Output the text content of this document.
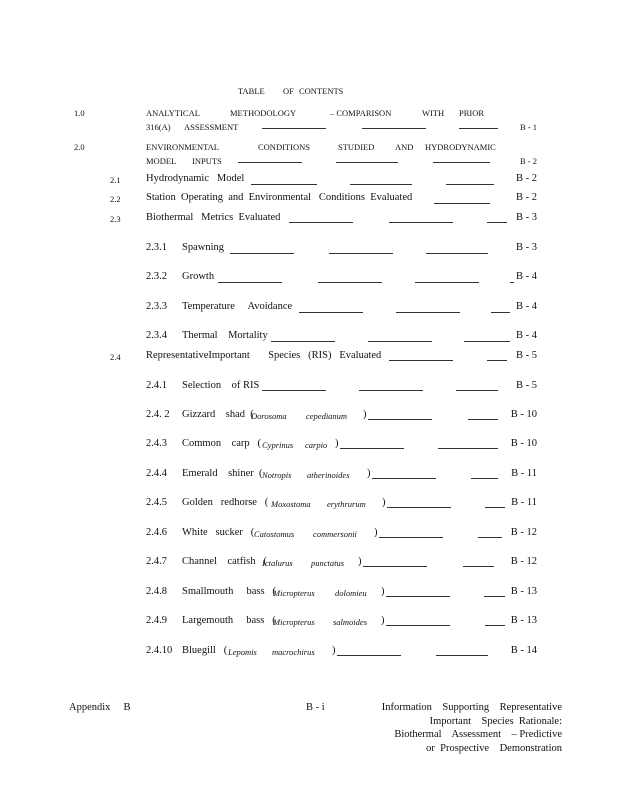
TABLE OF CONTENTS
1.0	ANALYTICAL	METHODOLOGY	– COMPARISON	WITH PRIOR
316(A) ASSESSMENT	B - 1
2.0	ENVIRONMENTAL	CONDITIONS	STUDIED AND HYDRODYNAMIC
MODEL INPUTS	B - 2
2.1 Hydrodynamic   Model	B - 2
2.2 Station  Operating  and  Environmental   Conditions  Evaluated	B - 2
2.3 Biothermal   Metrics  Evaluated	B - 3
2.3.1 Spawning	B - 3
2.3.2 Growth	B - 4
2.3.3 Temperature     Avoidance	B - 4
2.3.4 Thermal    Mortality	B - 4
2.4 RepresentativeImportant       Species   (RIS)   Evaluated	B - 5
2.4.1 Selection    of RIS	B - 5
2.4. 2 Gizzard    shad  (
Dorosoma cepedianum )	B - 10
2.4.3 Common    carp   ( Cyprinus carpio )	B - 10
2.4.4 Emerald    shiner  ( Notropis atherinoides )	B - 11
2.4.5 Golden   redhorse   ( Moxostoma erythrurum )	B - 11
2.4.6 White   sucker   ( Catostomus commersonii )	B - 12
2.4.7 Channel    catfish   (
Ictalurus punctatus )	B - 12
2.4.8 Smallmouth     bass   (
Micropterus dolomieu )	B - 13
2.4.9 Largemouth     bass   (
Micropterus salmoides )	B - 13
2.4.10 Bluegill   ( Lepomis macrochirus )	B - 14
Appendix     B	B - i	Information    Supporting    Representative
Important    Species  Rationale:
Biothermal    Assessment    – Predictive
or  Prospective    Demonstration
